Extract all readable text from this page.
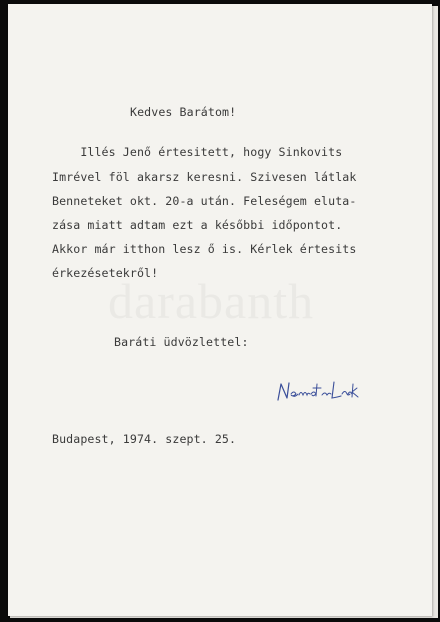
darabanth
Kedves Barátom!
Illés Jenő értesitett, hogy Sinkovits
Imrével föl akarsz keresni. Szivesen látlak
Benneteket okt. 20-a után. Feleségem eluta-
zása miatt adtam ezt a későbbi időpontot.
Akkor már itthon lesz ő is. Kérlek értesits
érkezésetekről!
Baráti üdvözlettel:
Budapest, 1974. szept. 25.
